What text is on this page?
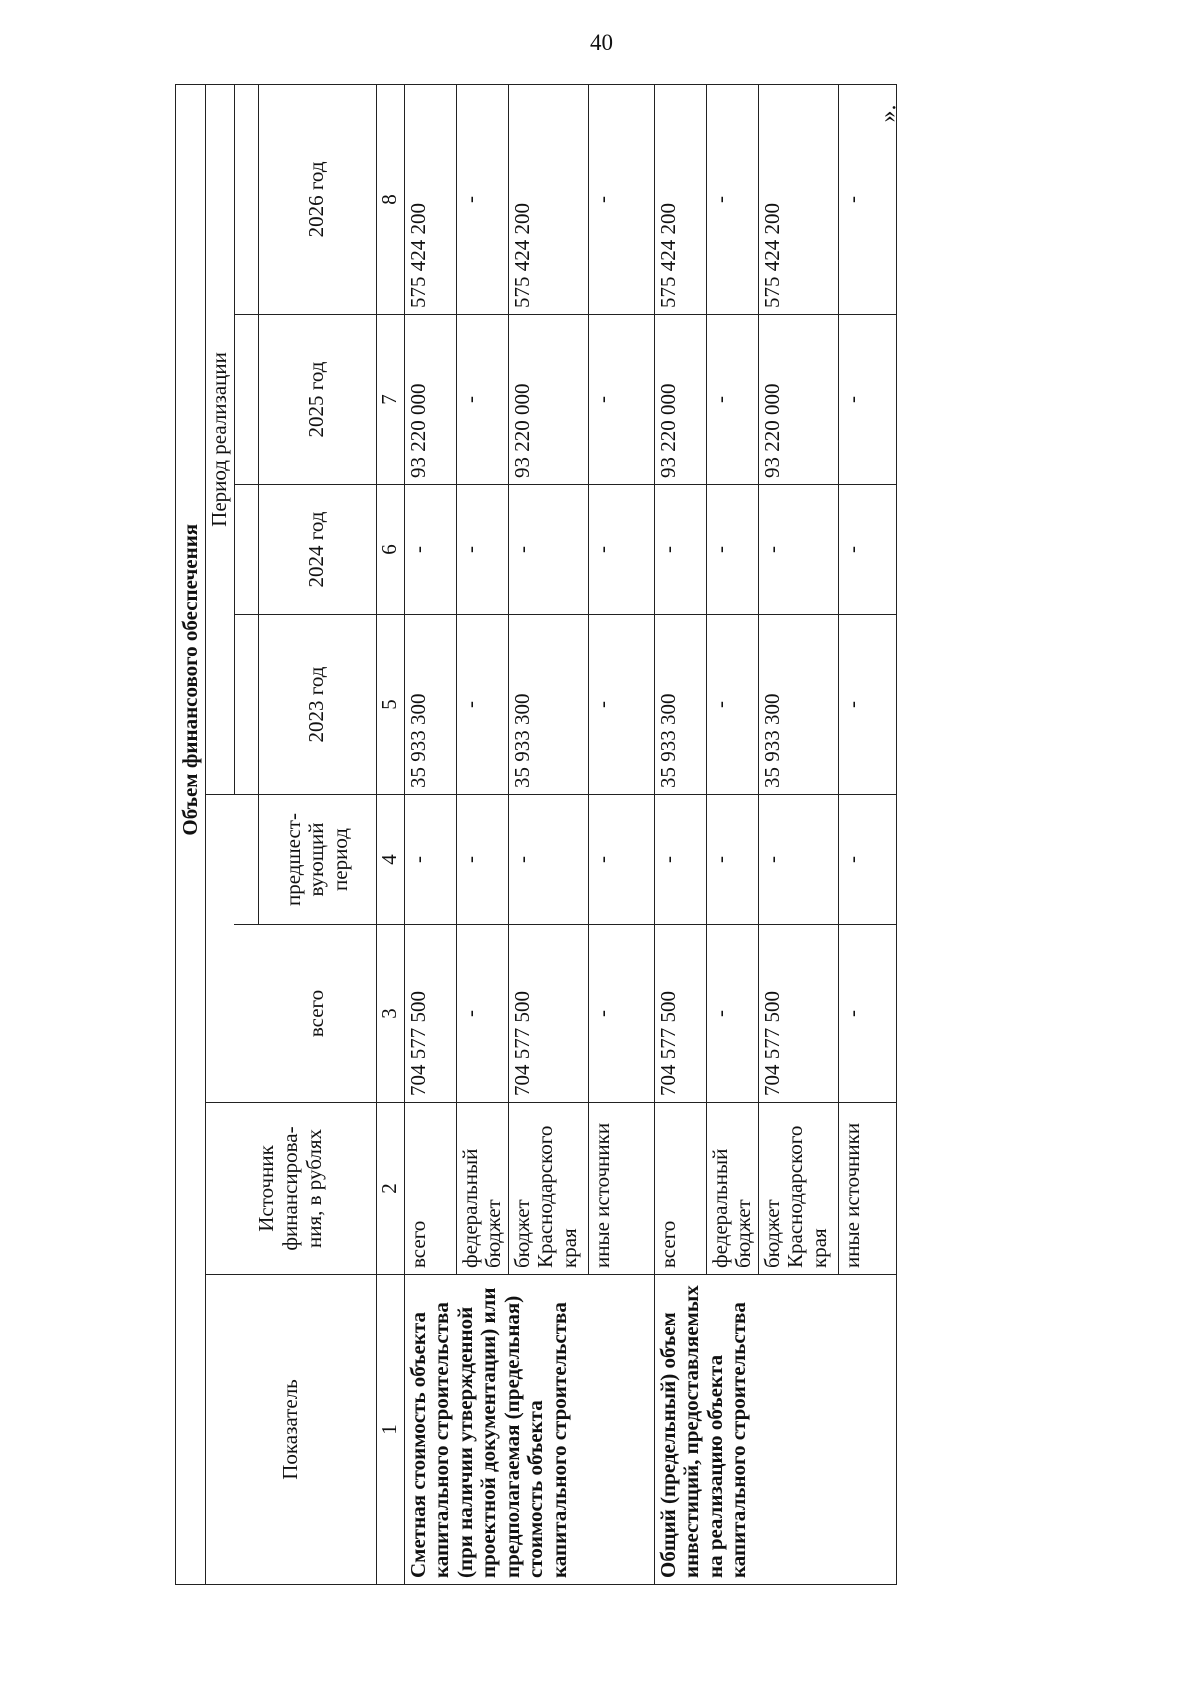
40
».
	Объем финансового обеспечения						
Показатель	Источник финансирова-ния, в рублях			Период реализации			

		всего	предшест-вующий период	2023 год	2024 год	2025 год	2026 год
1	2	3	4	5	6	7	8
Сметная стоимость объекта капитального строительства (при наличии утвержденной проектной документации) или предполагаемая (предельная) стоимость объекта капитального строительства	всего	704 577 500	-	35 933 300	-	93 220 000	575 424 200
	федеральный бюджет	-	-	-	-	-	-
	бюджет Краснодарского края	704 577 500	-	35 933 300	-	93 220 000	575 424 200
	иные источники	-	-	-	-	-	-
Общий (предельный) объем инвестиций, предоставляемых на реализацию объекта капитального строительства	всего	704 577 500	-	35 933 300	-	93 220 000	575 424 200
	федеральный бюджет	-	-	-	-	-	-
	бюджет Краснодарского края	704 577 500	-	35 933 300	-	93 220 000	575 424 200
	иные источники	-	-	-	-	-	-
